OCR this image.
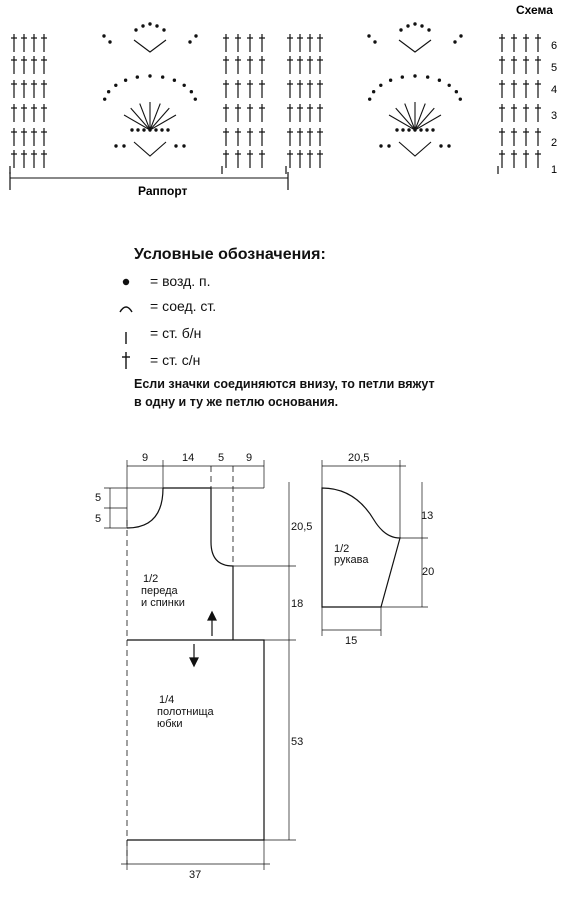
Схема
6
5
4
3
2
1
Раппорт
Условные обозначения:
= возд. п.
= соед. ст.
= ст. б/н
= ст. с/н
Если значки соединяются внизу, то петли вяжут
в одну и ту же петлю основания.
9	14 5 9
5
5
20,5
18
53
37
20,5
13
20
15
1/2
переда
и спинки
1/4
полотнища
юбки
1/2
рукава
